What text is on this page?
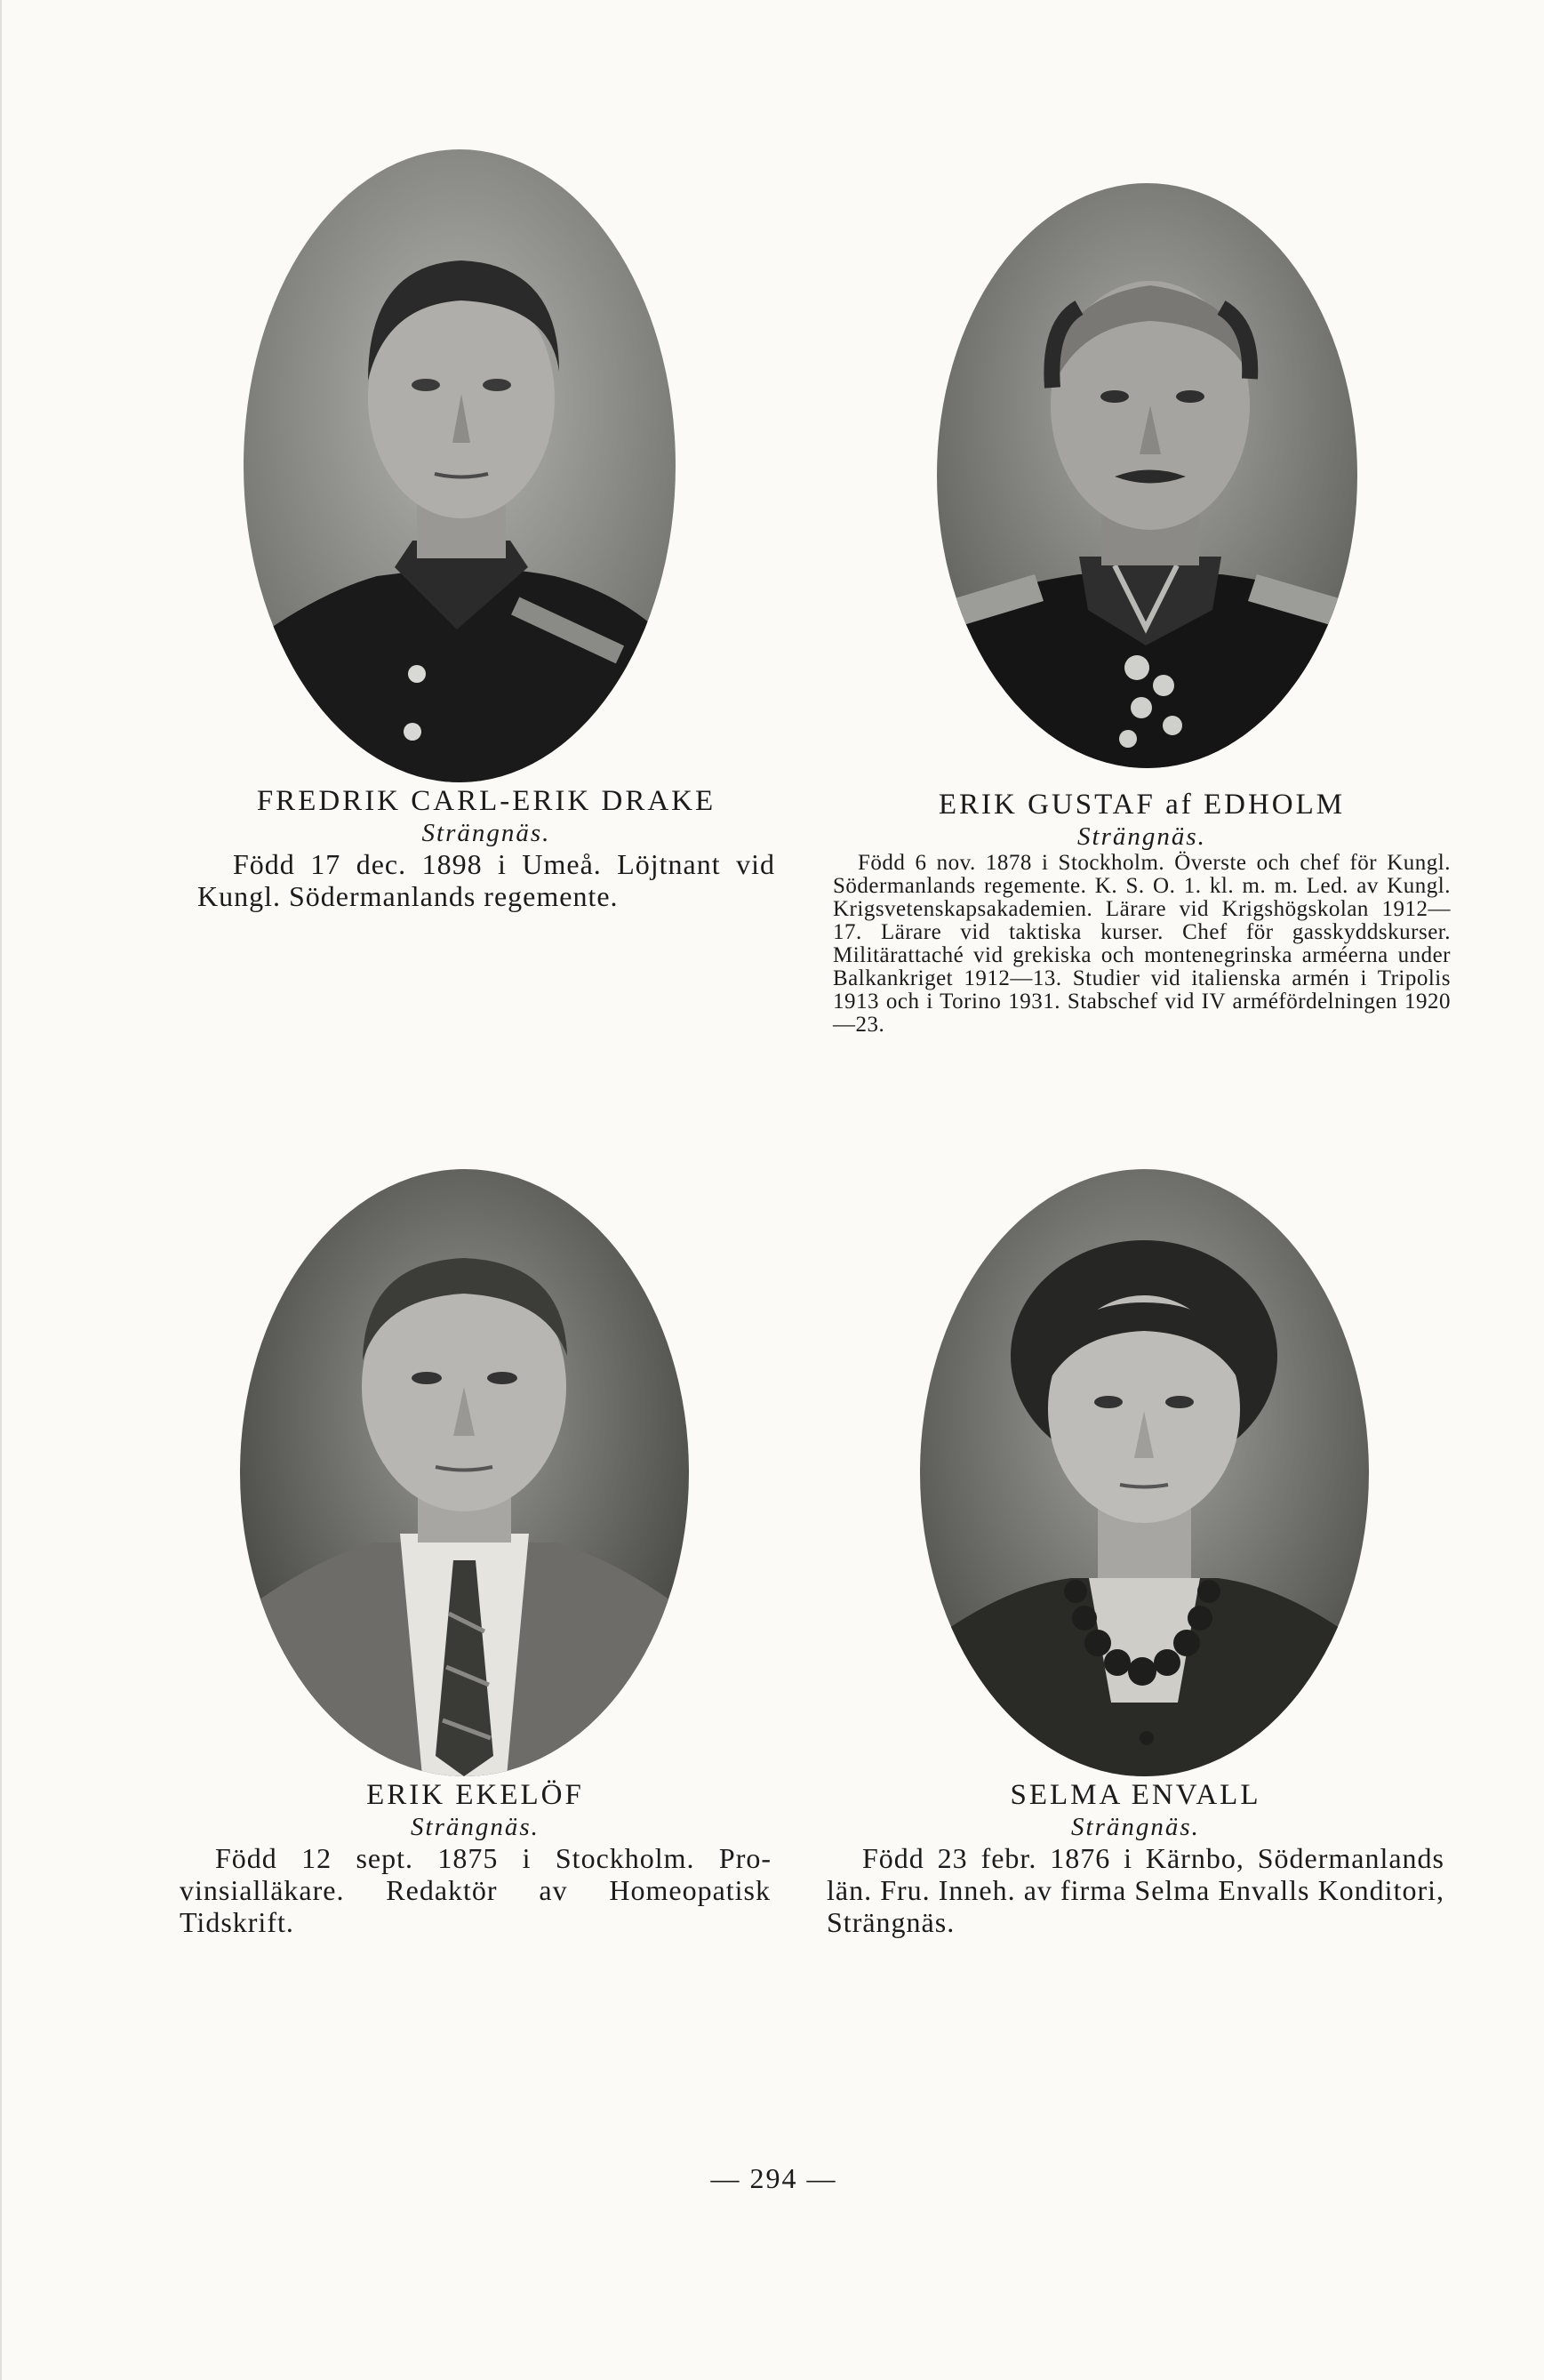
FREDRIK CARL-ERIK DRAKE
Strängnäs.
Född 17 dec. 1898 i Umeå. Löjtnant vid Kungl. Södermanlands regemente.
ERIK GUSTAF af EDHOLM
Strängnäs.
Född 6 nov. 1878 i Stockholm. Överste och chef för Kungl. Södermanlands regemente. K. S. O. 1. kl. m. m. Led. av Kungl. Krigsvetenskapsakademien. Lärare vid Krigshögskolan 1912—17. Lärare vid taktiska kurser. Chef för gasskyddskurser. Militärattaché vid grekiska och montenegrinska arméerna under Balkankriget 1912—13. Studier vid italienska armén i Tripolis 1913 och i Torino 1931. Stabschef vid IV arméfördelningen 1920—23.
ERIK EKELÖF
Strängnäs.
Född 12 sept. 1875 i Stockholm. Provinsialläkare. Redaktör av Homeopatisk Tidskrift.
SELMA ENVALL
Strängnäs.
Född 23 febr. 1876 i Kärnbo, Södermanlands län. Fru. Inneh. av firma Selma Envalls Konditori, Strängnäs.
— 294 —
